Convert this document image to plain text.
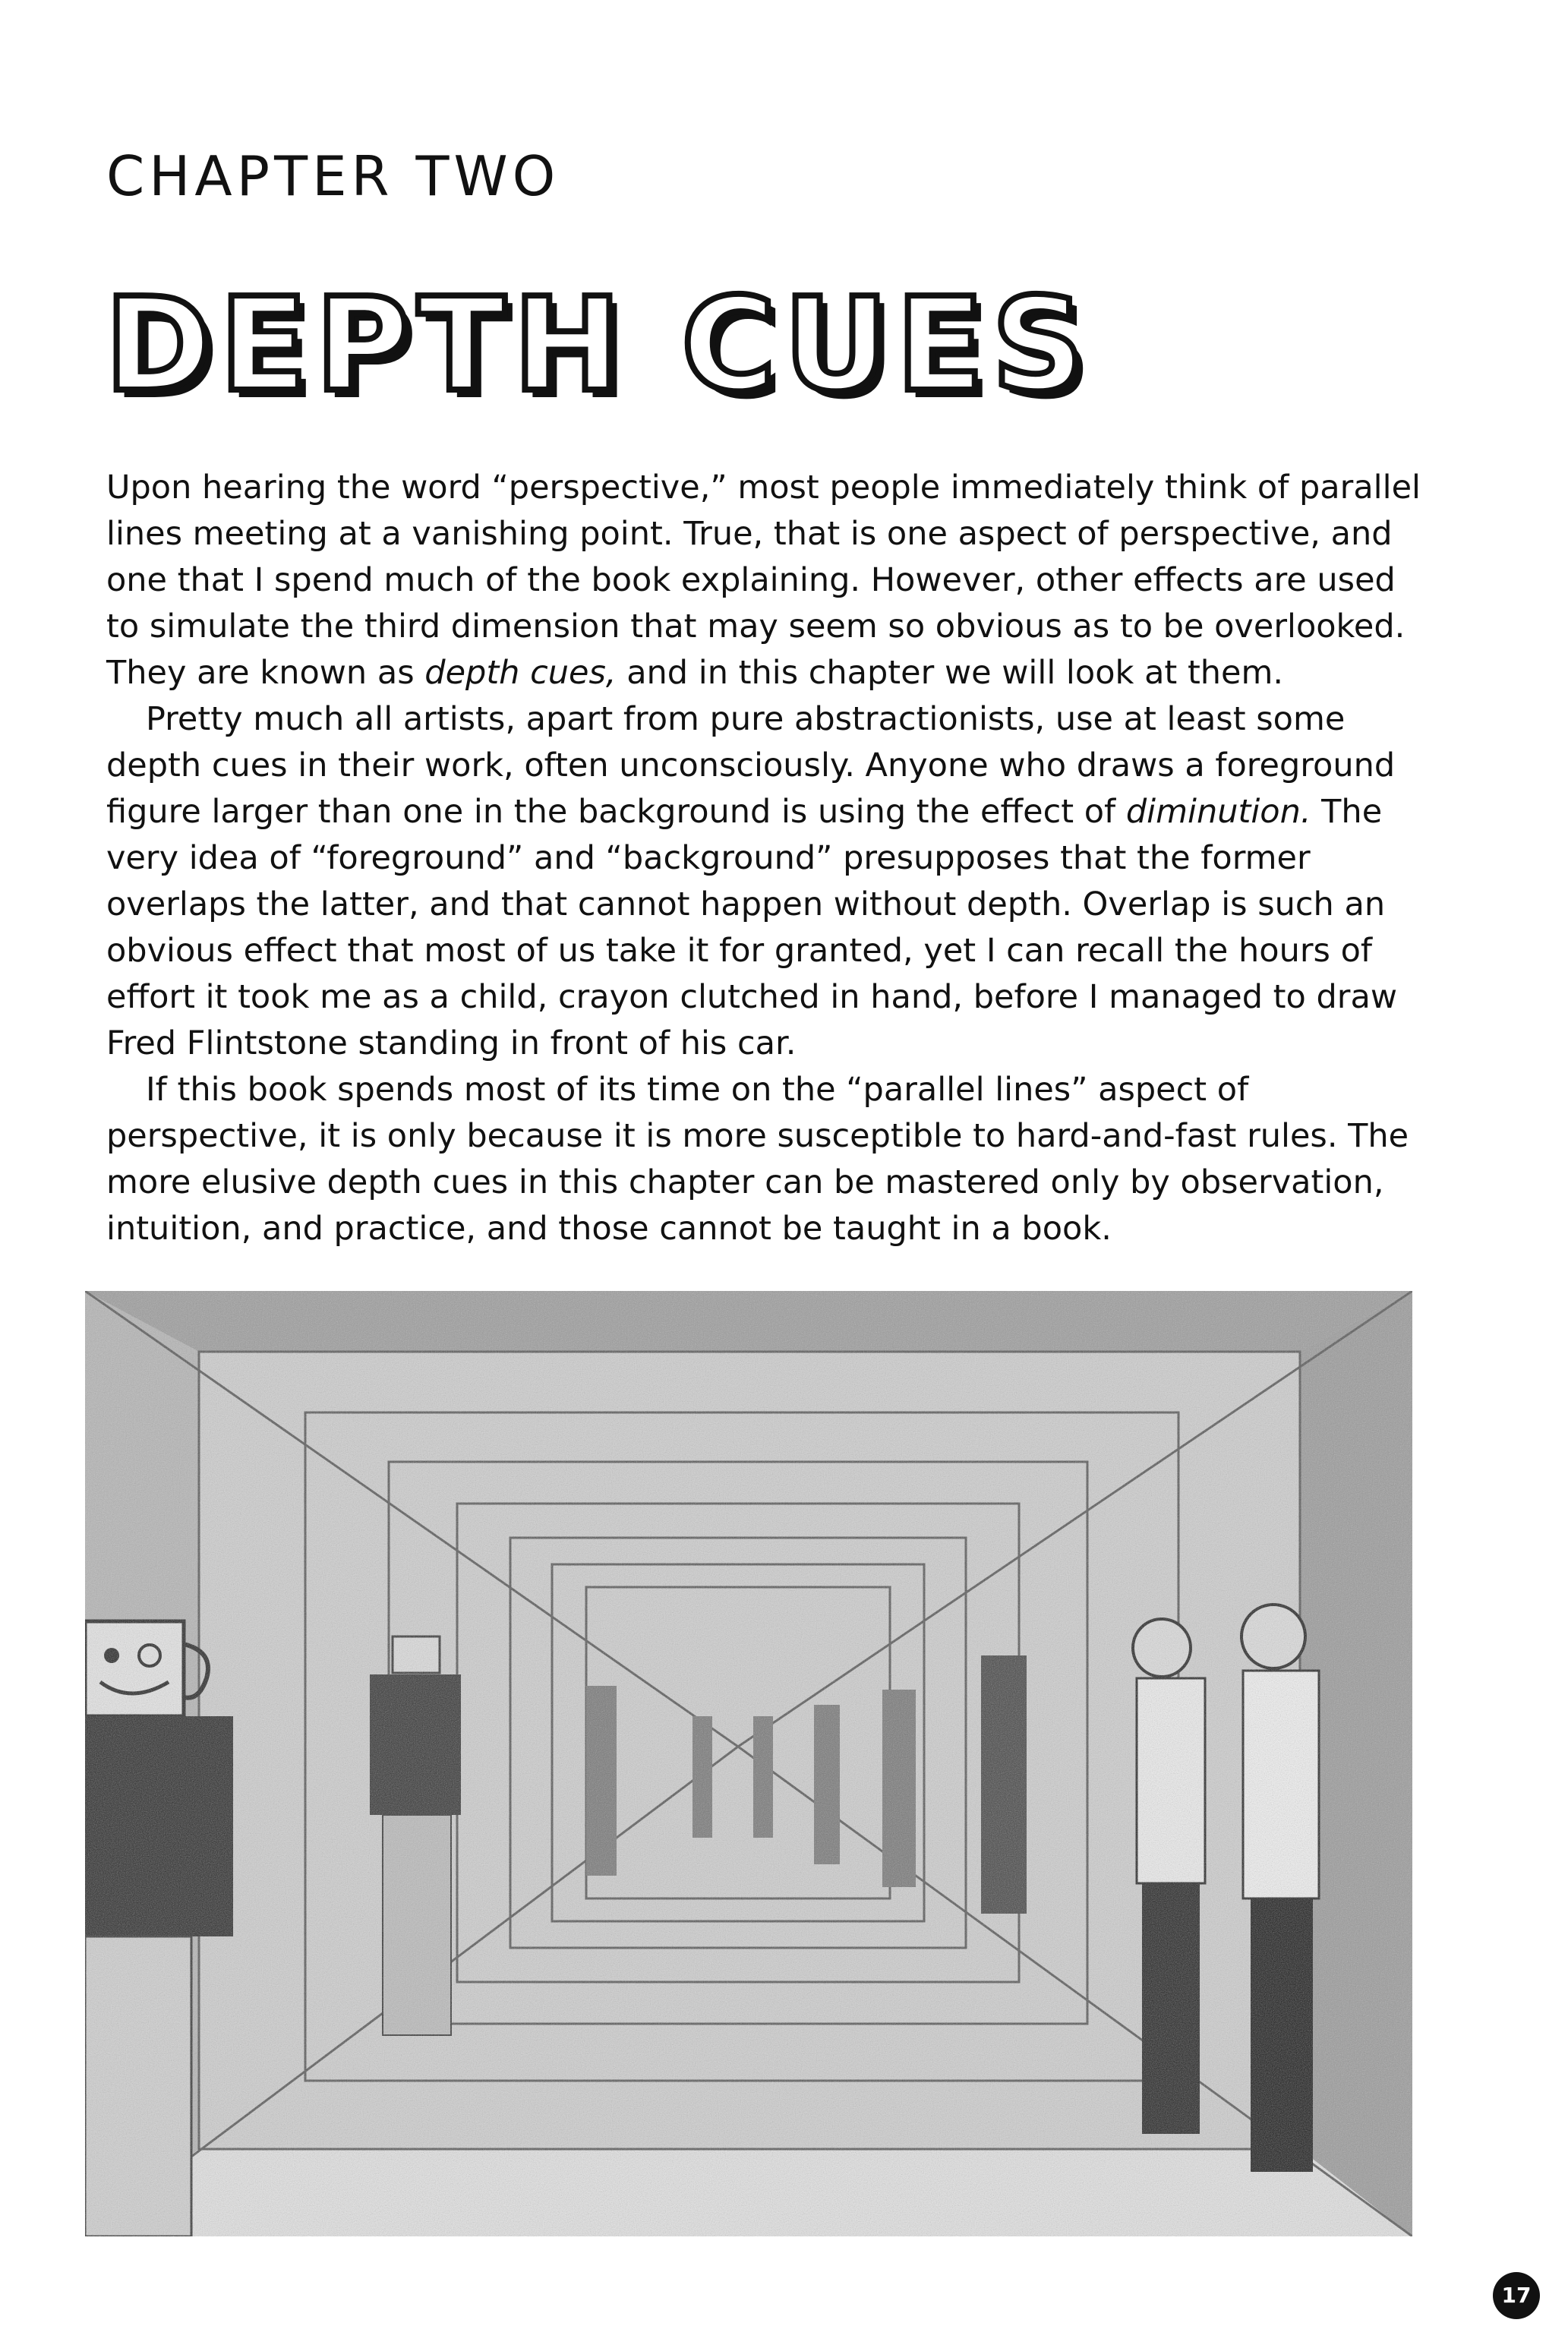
CHAPTER TWO
DEPTH CUES

Upon hearing the word “perspective,” most people immediately think of parallel lines meeting at a vanishing point. True, that is one aspect of perspective, and one that I spend much of the book explaining. However, other effects are used to simulate the third dimension that may seem so obvious as to be overlooked. They are known as depth cues, and in this chapter we will look at them.

Pretty much all artists, apart from pure abstractionists, use at least some depth cues in their work, often unconsciously. Anyone who draws a foreground figure larger than one in the background is using the effect of diminution. The very idea of “foreground” and “background” presupposes that the former overlaps the latter, and that cannot happen without depth. Overlap is such an obvious effect that most of us take it for granted, yet I can recall the hours of effort it took me as a child, crayon clutched in hand, before I managed to draw Fred Flintstone standing in front of his car.

If this book spends most of its time on the “parallel lines” aspect of perspective, it is only because it is more susceptible to hard-and-fast rules. The more elusive depth cues in this chapter can be mastered only by observation, intuition, and practice, and those cannot be taught in a book.

17
